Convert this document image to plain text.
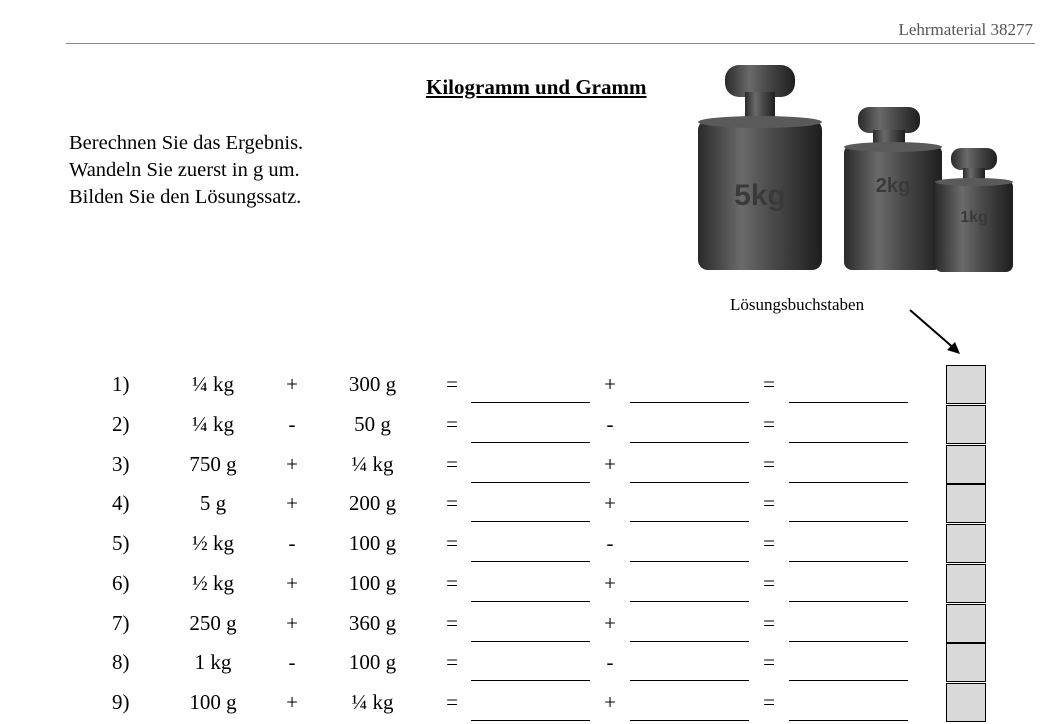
Lehrmaterial 38277
Kilogramm und Gramm
Berechnen Sie das Ergebnis.
Wandeln Sie zuerst in g um.
Bilden Sie den Lösungssatz.	5kg	2kg
1kg
Lösungsbuchstaben
1)	¼ kg	+	300 g	=	+	=
2)	¼ kg	-	50 g	=	-	=
3)	750 g	+	¼ kg	=	+	=
4)	5 g	+	200 g	=	+	=
5)	½ kg	-	100 g	=	-	=
6)	½ kg	+	100 g	=	+	=
7)	250 g	+	360 g	=	+	=
8)	1 kg	-	100 g	=	-	=
9)	100 g	+	¼ kg	=	+	=
